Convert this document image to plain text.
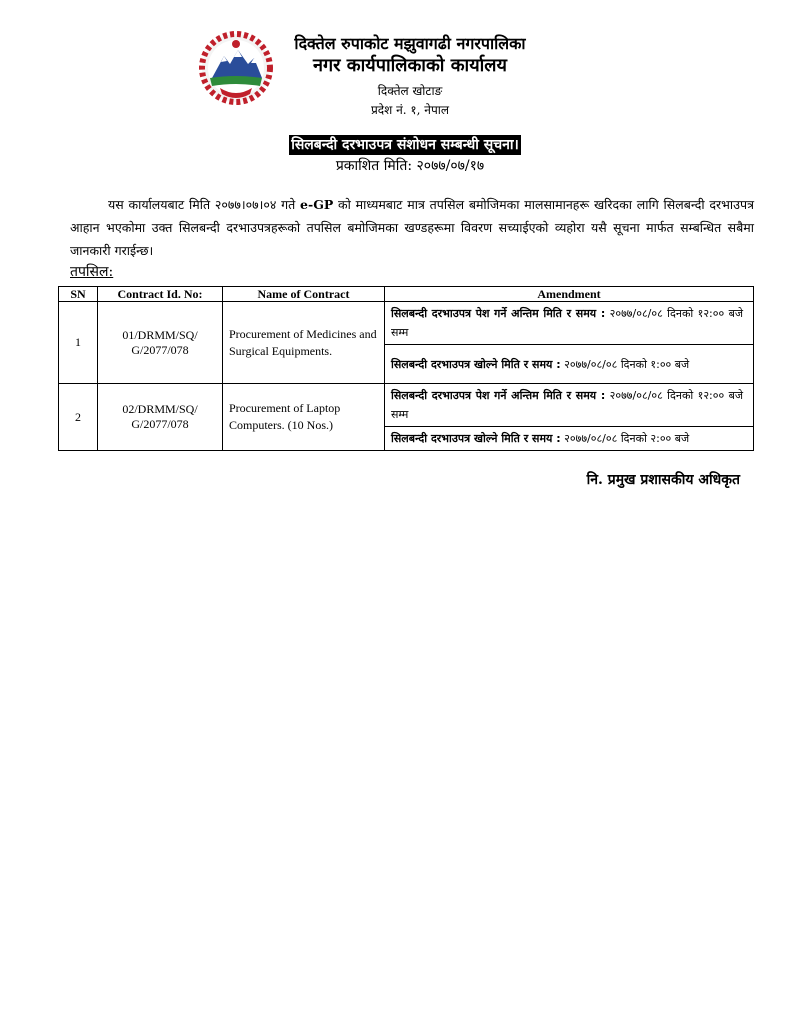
दिक्तेल रुपाकोट मझुवागढी नगरपालिका
नगर कार्यपालिकाको कार्यालय
दिक्तेल खोटाङ
प्रदेश नं. १, नेपाल
सिलबन्दी दरभाउपत्र संशोधन सम्बन्धी सूचना।
प्रकाशित मिति: २०७७/०७/१७
यस कार्यालयबाट मिति २०७७।०७।०४ गते e-GP को माध्यमबाट मात्र तपसिल बमोजिमका मालसामानहरू खरिदका लागि सिलबन्दी दरभाउपत्र आहान भएकोमा उक्त सिलबन्दी दरभाउपत्रहरूको तपसिल बमोजिमका खण्डहरूमा विवरण सच्याईएको व्यहोरा यसै सूचना मार्फत सम्बन्धित सबैमा जानकारी गराईन्छ।
तपसिल:
SN	Contract Id. No:	Name of Contract	Amendment
1	01/DRMM/SQ/ G/2077/078	Procurement of Medicines and Surgical Equipments.	सिलबन्दी दरभाउपत्र पेश गर्ने अन्तिम मिति र समय : २०७७/०८/०८ दिनको १२:०० बजे सम्म
			सिलबन्दी दरभाउपत्र खोल्ने मिति र समय : २०७७/०८/०८ दिनको १:०० बजे
2	02/DRMM/SQ/ G/2077/078	Procurement of Laptop Computers. (10 Nos.)	सिलबन्दी दरभाउपत्र पेश गर्ने अन्तिम मिति र समय : २०७७/०८/०८ दिनको १२:०० बजे सम्म
			सिलबन्दी दरभाउपत्र खोल्ने मिति र समय : २०७७/०८/०८ दिनको २:०० बजे
नि. प्रमुख प्रशासकीय अधिकृत
